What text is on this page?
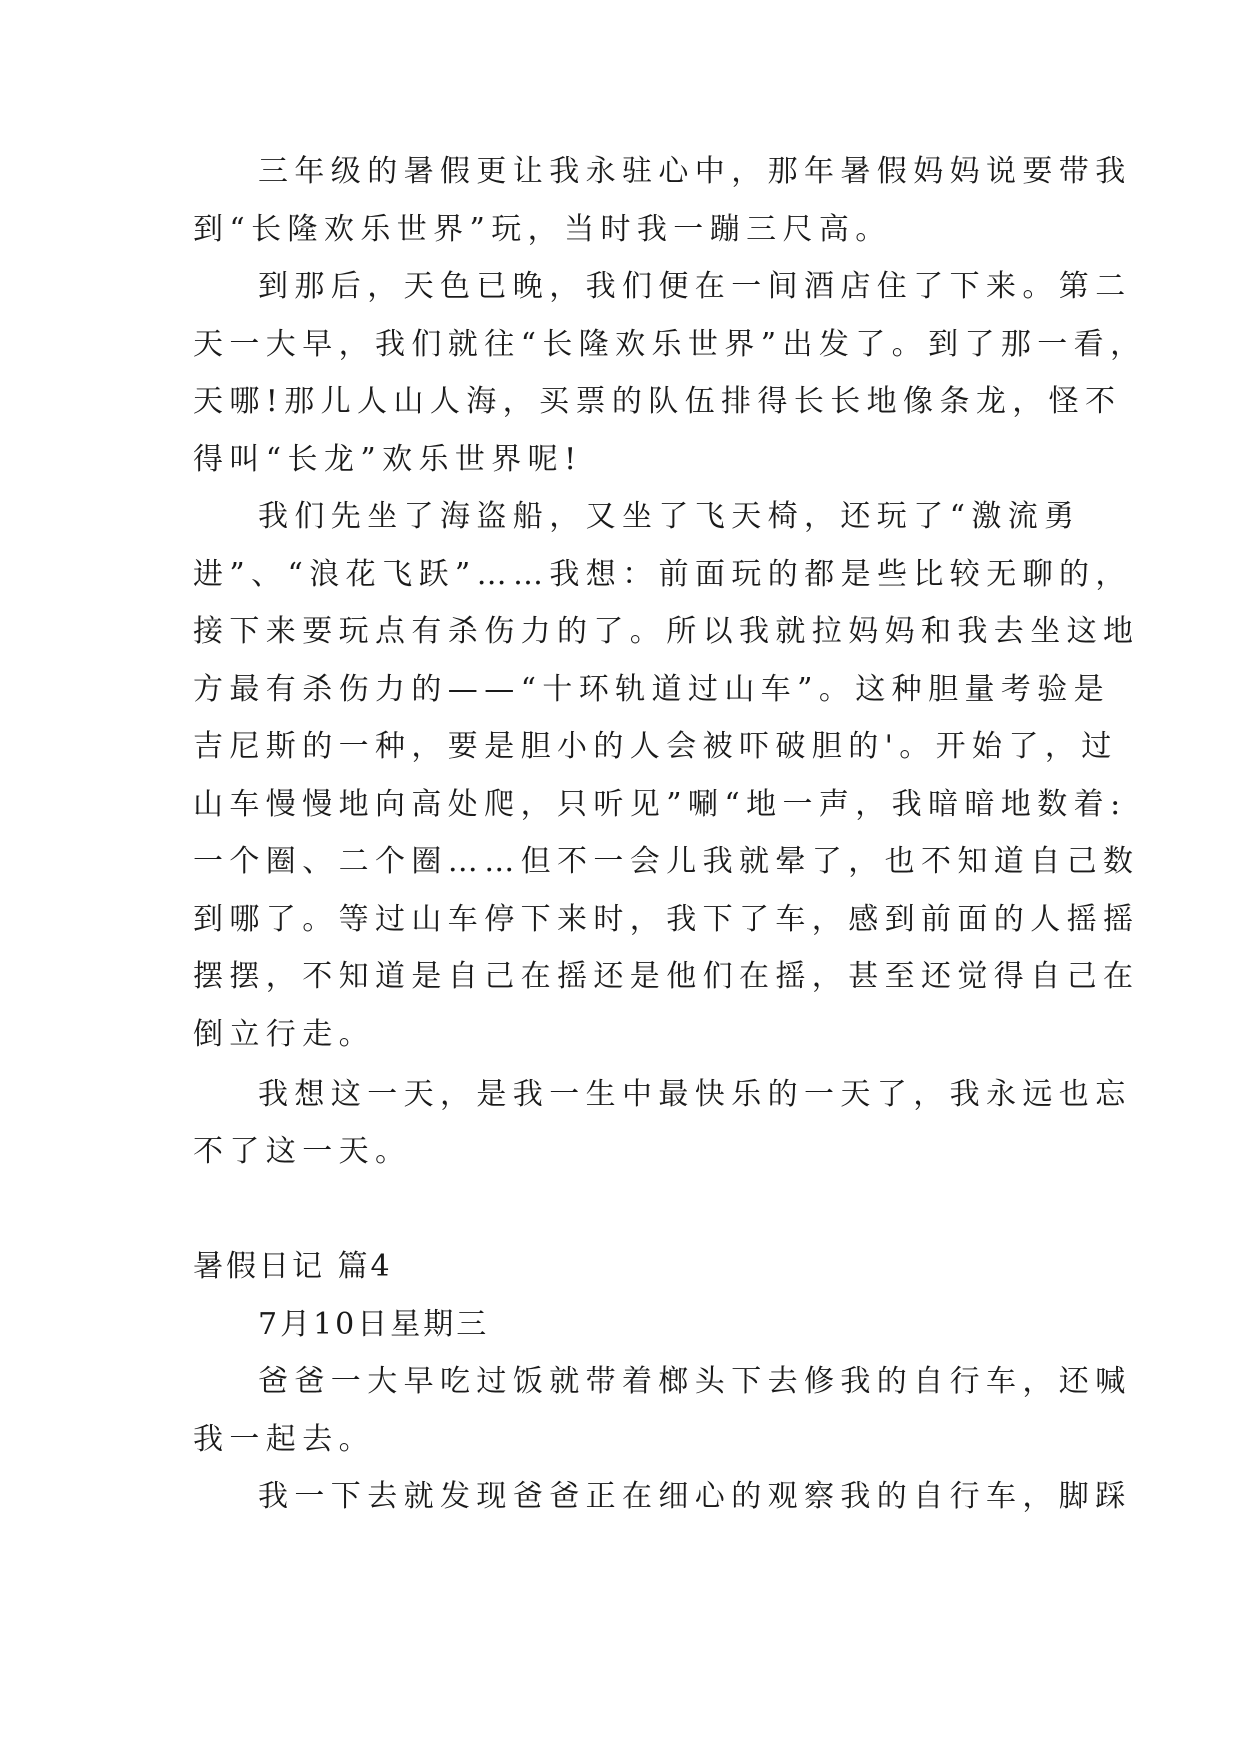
三年级的暑假更让我永驻心中，那年暑假妈妈说要带我
到“长隆欢乐世界”玩，当时我一蹦三尺高。
到那后，天色已晚，我们便在一间酒店住了下来。第二
天一大早，我们就往“长隆欢乐世界”出发了。到了那一看，
天哪!那儿人山人海，买票的队伍排得长长地像条龙，怪不
得叫“长龙”欢乐世界呢!
我们先坐了海盗船，又坐了飞天椅，还玩了“激流勇
进”、“浪花飞跃”……我想：前面玩的都是些比较无聊的，
接下来要玩点有杀伤力的了。所以我就拉妈妈和我去坐这地
方最有杀伤力的——“十环轨道过山车”。这种胆量考验是
吉尼斯的一种，要是胆小的人会被吓破胆的'。开始了，过
山车慢慢地向高处爬，只听见”唰“地一声，我暗暗地数着:
一个圈、二个圈……但不一会儿我就晕了，也不知道自己数
到哪了。等过山车停下来时，我下了车，感到前面的人摇摇
摆摆，不知道是自己在摇还是他们在摇，甚至还觉得自己在
倒立行走。
我想这一天，是我一生中最快乐的一天了，我永远也忘
不了这一天。
暑假日记 篇4
7月10日星期三
爸爸一大早吃过饭就带着榔头下去修我的自行车，还喊
我一起去。
我一下去就发现爸爸正在细心的观察我的自行车，脚踩
